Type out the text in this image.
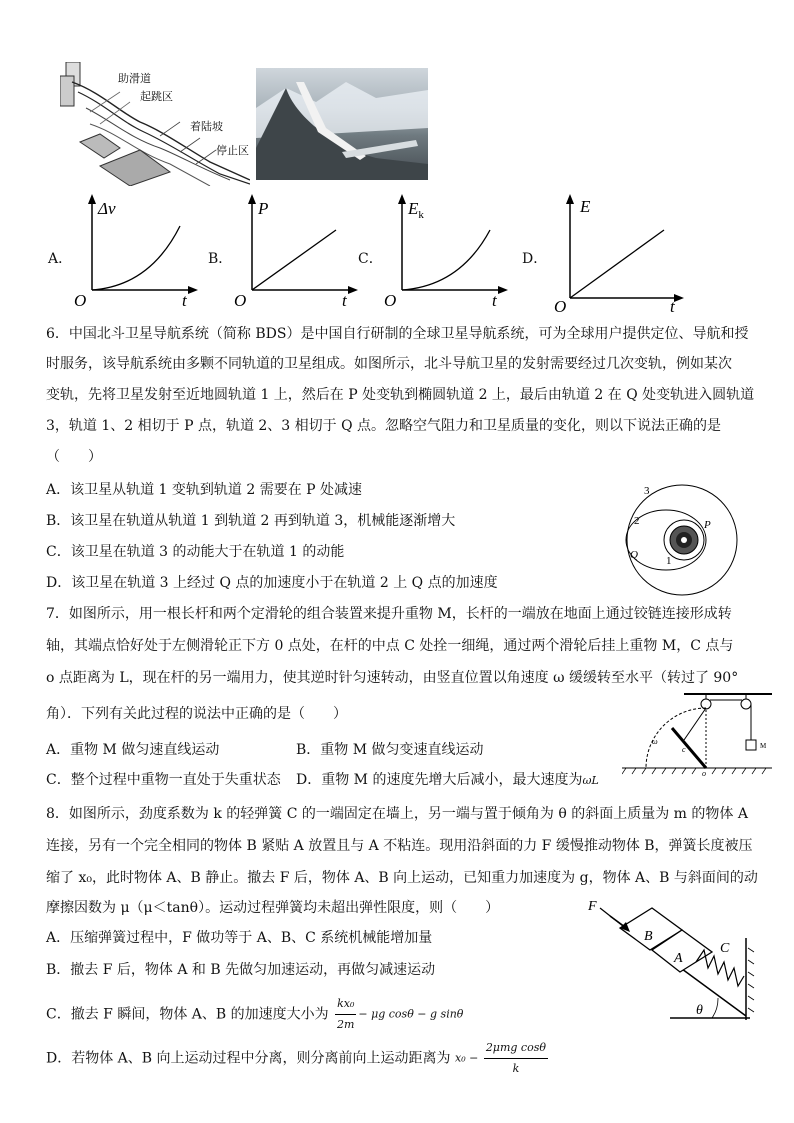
助滑道
起跳区
着陆坡
停止区
A．
Δv
t
O
B．
P
t
O
C．
$E_k$
t
O
D．
E
t
O
6．中国北斗卫星导航系统（简称 BDS）是中国自行研制的全球卫星导航系统，可为全球用户提供定位、导航和授
时服务，该导航系统由多颗不同轨道的卫星组成。如图所示，北斗导航卫星的发射需要经过几次变轨，例如某次
变轨，先将卫星发射至近地圆轨道 1 上，然后在 P 处变轨到椭圆轨道 2 上，最后由轨道 2 在 Q 处变轨进入圆轨道
3，轨道 1、2 相切于 P 点，轨道 2、3 相切于 Q 点。忽略空气阻力和卫星质量的变化，则以下说法正确的是
（　　）
A．该卫星从轨道 1 变轨到轨道 2 需要在 P 处减速
B．该卫星在轨道从轨道 1 到轨道 2 再到轨道 3，机械能逐渐增大
C．该卫星在轨道 3 的动能大于在轨道 1 的动能
D．该卫星在轨道 3 上经过 Q 点的加速度小于在轨道 2 上 Q 点的加速度
3
2
1
P
Q
7．如图所示，用一根长杆和两个定滑轮的组合装置来提升重物 M，长杆的一端放在地面上通过铰链连接形成转
轴，其端点恰好处于左侧滑轮正下方 0 点处，在杆的中点 C 处拴一细绳，通过两个滑轮后挂上重物 M，C 点与
o 点距离为 L，现在杆的另一端用力，使其逆时针匀速转动，由竖直位置以角速度 ω 缓缓转至水平（转过了 90°
角）．下列有关此过程的说法中正确的是（　　）
A．重物 M 做匀速直线运动	B．重物 M 做匀变速直线运动
C．整个过程中重物一直处于失重状态 D．重物 M 的速度先增大后减小，最大速度为ωL
M
c
ω
o
8．如图所示，劲度系数为 k 的轻弹簧 C 的一端固定在墙上，另一端与置于倾角为 θ 的斜面上质量为 m 的物体 A
连接，另有一个完全相同的物体 B 紧贴 A 放置且与 A 不粘连。现用沿斜面的力 F 缓慢推动物体 B，弹簧长度被压
缩了 x₀，此时物体 A、B 静止。撤去 F 后，物体 A、B 向上运动，已知重力加速度为 g，物体 A、B 与斜面间的动
摩擦因数为 μ（μ＜tanθ）。运动过程弹簧均未超出弹性限度，则（　　）
A．压缩弹簧过程中，F 做功等于 A、B、C 系统机械能增加量
B．撤去 F 后，物体 A 和 B 先做匀加速运动，再做匀减速运动
C．撤去 F 瞬间，物体 A、B 的加速度大小为 $\frac{\text{kx₀}}{2m} - \mu g$ cosθ − g sinθ
D．若物体 A、B 向上运动过程中分离，则分离前向上运动距离为 x₀ −
2μmg cosθ
k
F
B
A
C
θ
